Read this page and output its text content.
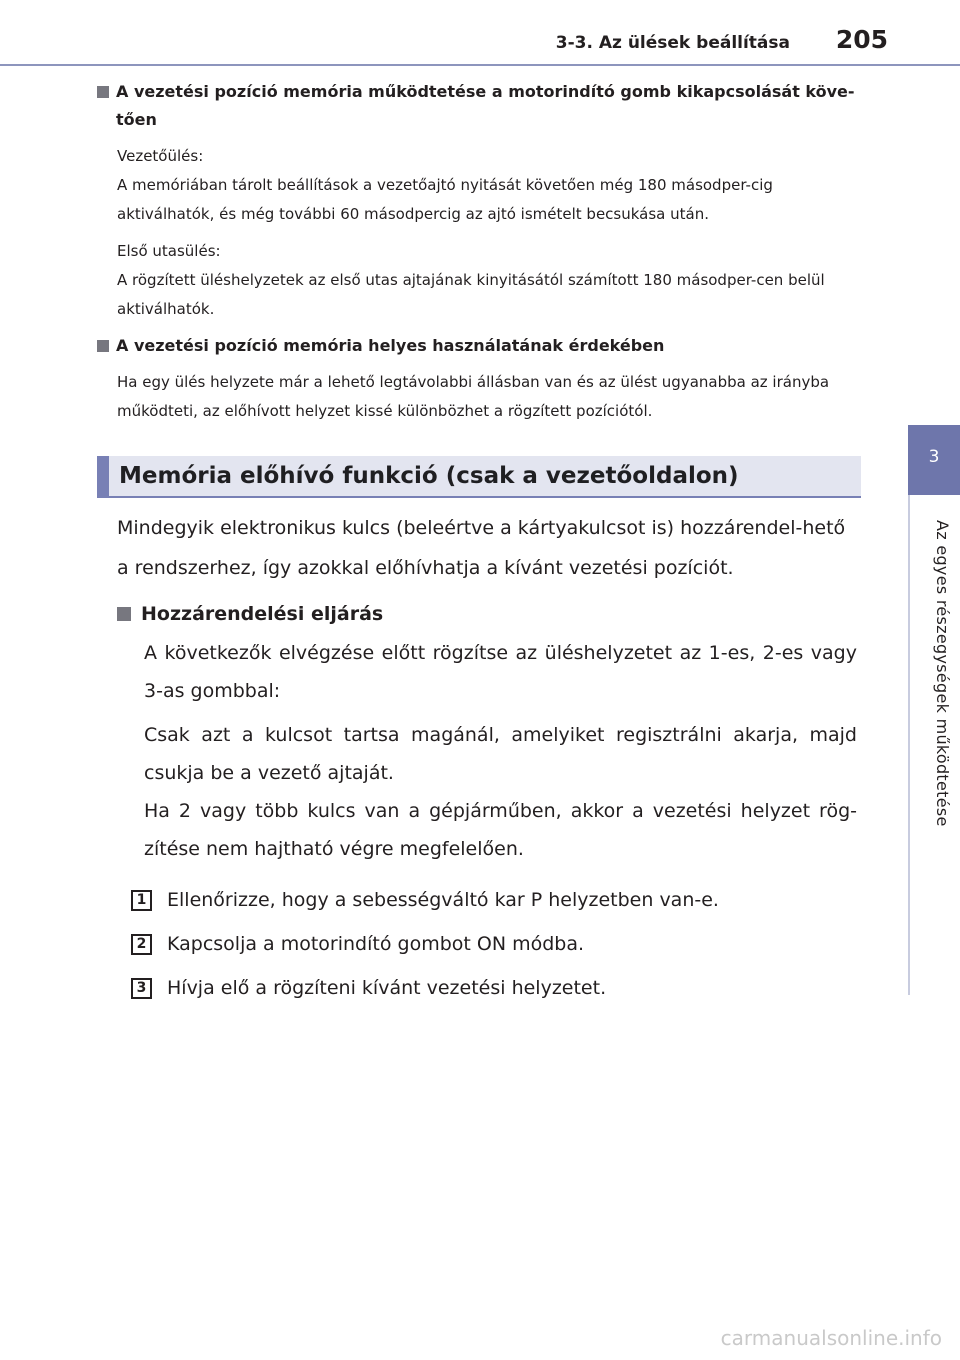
3-3. Az ülések beállítása 205
3
Az egyes részegységek működtetése
A vezetési pozíció memória működtetése a motorindító gomb kikapcsolását köve-tően
Vezetőülés:
A memóriában tárolt beállítások a vezetőajtó nyitását követően még 180 másodper-cig aktiválhatók, és még további 60 másodpercig az ajtó ismételt becsukása után.
Első utasülés:
A rögzített üléshelyzetek az első utas ajtajának kinyitásától számított 180 másodper-cen belül aktiválhatók.
A vezetési pozíció memória helyes használatának érdekében
Ha egy ülés helyzete már a lehető legtávolabbi állásban van és az ülést ugyanabba az irányba működteti, az előhívott helyzet kissé különbözhet a rögzített pozíciótól.
Memória előhívó funkció (csak a vezetőoldalon)
Mindegyik elektronikus kulcs (beleértve a kártyakulcsot is) hozzárendel-hető a rendszerhez, így azokkal előhívhatja a kívánt vezetési pozíciót.
Hozzárendelési eljárás
A következők elvégzése előtt rögzítse az üléshelyzetet az 1-es, 2-es vagy 3-as gombbal:
Csak azt a kulcsot tartsa magánál, amelyiket regisztrálni akarja, majd csukja be a vezető ajtaját.
Ha 2 vagy több kulcs van a gépjárműben, akkor a vezetési helyzet rög-zítése nem hajtható végre megfelelően.
1 Ellenőrizze, hogy a sebességváltó kar P helyzetben van-e.
2 Kapcsolja a motorindító gombot ON módba.
3 Hívja elő a rögzíteni kívánt vezetési helyzetet.
carmanualsonline.info
